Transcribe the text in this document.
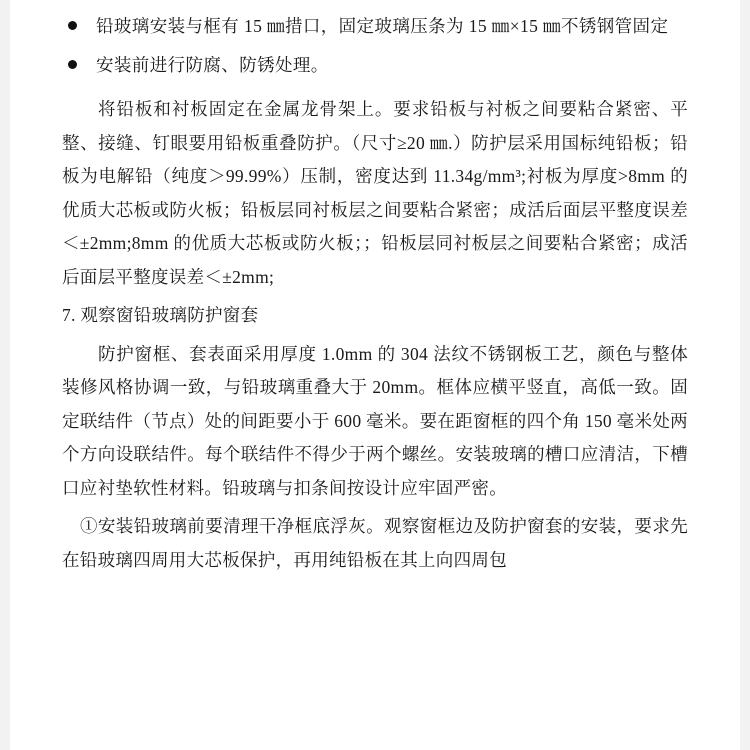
铅玻璃安装与框有 15 ㎜措口，固定玻璃压条为 15 ㎜×15 ㎜不锈钢管固定
安装前进行防腐、防锈处理。

将铅板和衬板固定在金属龙骨架上。要求铅板与衬板之间要粘合紧密、平整、接缝、钉眼要用铅板重叠防护。（尺寸≥20 ㎜.）防护层采用国标纯铅板；铅板为电解铅（纯度＞99.99%）压制，密度达到 11.34g/mm³;衬板为厚度>8mm 的优质大芯板或防火板；铅板层同衬板层之间要粘合紧密；成活后面层平整度误差＜±2mm;8mm 的优质大芯板或防火板；；铅板层同衬板层之间要粘合紧密；成活后面层平整度误差＜±2mm;

7. 观察窗铅玻璃防护窗套

防护窗框、套表面采用厚度 1.0mm 的 304 法纹不锈钢板工艺，颜色与整体装修风格协调一致，与铅玻璃重叠大于 20mm。框体应横平竖直，高低一致。固定联结件（节点）处的间距要小于 600 毫米。要在距窗框的四个角 150 毫米处两个方向设联结件。每个联结件不得少于两个螺丝。安装玻璃的槽口应清洁，下槽口应衬垫软性材料。铅玻璃与扣条间按设计应牢固严密。

①安装铅玻璃前要清理干净框底浮灰。观察窗框边及防护窗套的安装，要求先在铅玻璃四周用大芯板保护，再用纯铅板在其上向四周包
